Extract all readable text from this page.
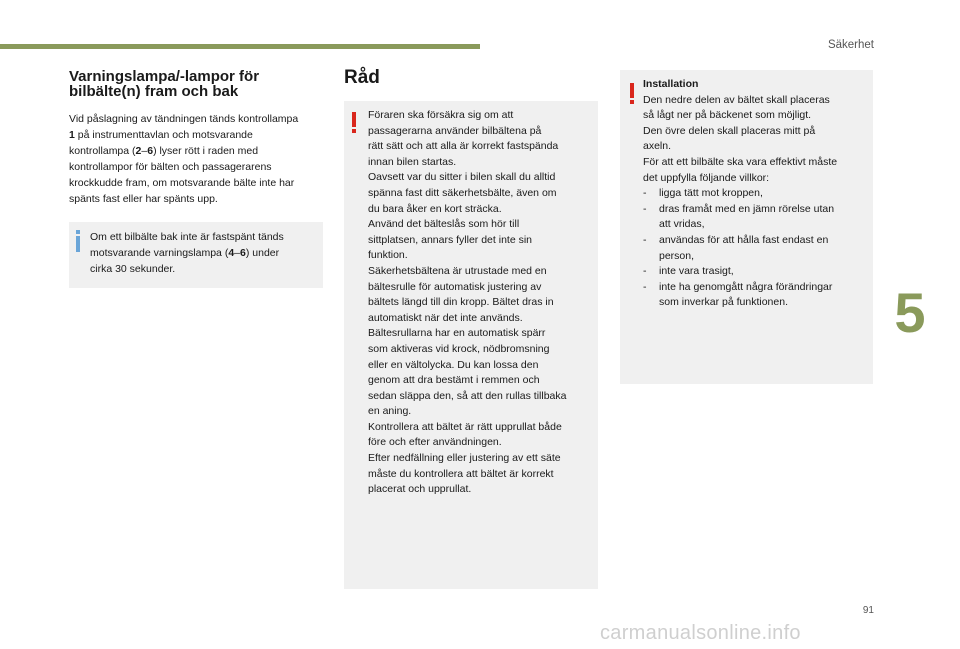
Säkerhet
5
91
Varningslampa/-lampor för
bilbälte(n) fram och bak
Vid påslagning av tändningen tänds kontrollampa
1 på instrumenttavlan och motsvarande
kontrollampa (2–6) lyser rött i raden med
kontrollampor för bälten och passagerarens
krockkudde fram, om motsvarande bälte inte har
spänts fast eller har spänts upp.
Om ett bilbälte bak inte är fastspänt tänds
motsvarande varningslampa (4–6) under
cirka 30 sekunder.
Råd
Föraren ska försäkra sig om att
passagerarna använder bilbältena på
rätt sätt och att alla är korrekt fastspända
innan bilen startas.
Oavsett var du sitter i bilen skall du alltid
spänna fast ditt säkerhetsbälte, även om
du bara åker en kort sträcka.
Använd det bälteslås som hör till
sittplatsen, annars fyller det inte sin
funktion.
Säkerhetsbältena är utrustade med en
bältesrulle för automatisk justering av
bältets längd till din kropp. Bältet dras in
automatiskt när det inte används.
Bältesrullarna har en automatisk spärr
som aktiveras vid krock, nödbromsning
eller en vältolycka. Du kan lossa den
genom att dra bestämt i remmen och
sedan släppa den, så att den rullas tillbaka
en aning.
Kontrollera att bältet är rätt upprullat både
före och efter användningen.
Efter nedfällning eller justering av ett säte
måste du kontrollera att bältet är korrekt
placerat och upprullat.
Installation
Den nedre delen av bältet skall placeras
så lågt ner på bäckenet som möjligt.
Den övre delen skall placeras mitt på
axeln.
För att ett bilbälte ska vara effektivt måste
det uppfylla följande villkor:
-	ligga tätt mot kroppen,
-	dras framåt med en jämn rörelse utan
att vridas,
-	användas för att hålla fast endast en
person,
-	inte vara trasigt,
-	inte ha genomgått några förändringar
som inverkar på funktionen.
carmanualsonline.info
